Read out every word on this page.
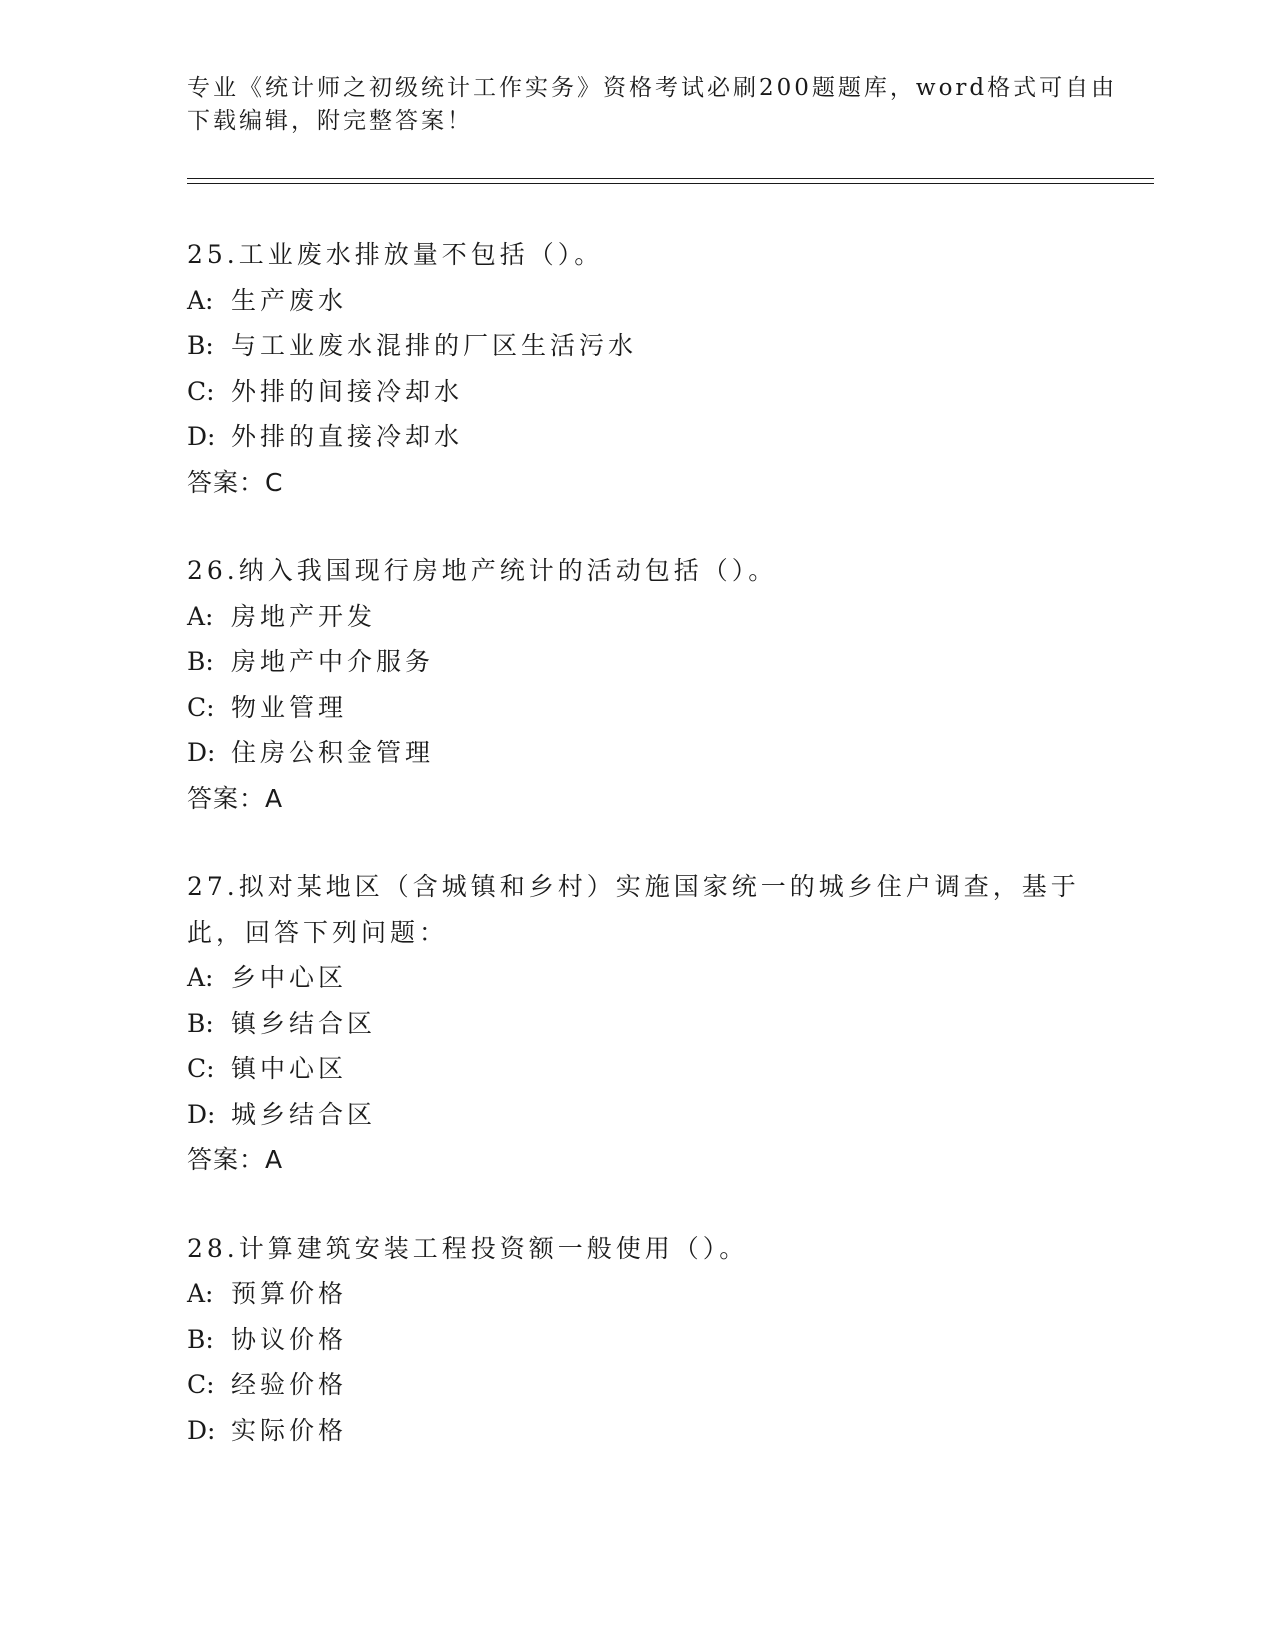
专业《统计师之初级统计工作实务》资格考试必刷200题题库，word格式可自由
下载编辑，附完整答案！
25.工业废水排放量不包括（）。
A: 生产废水
B: 与工业废水混排的厂区生活污水
C: 外排的间接冷却水
D: 外排的直接冷却水
答案：C
26.纳入我国现行房地产统计的活动包括（）。
A: 房地产开发
B: 房地产中介服务
C: 物业管理
D: 住房公积金管理
答案：A
27.拟对某地区（含城镇和乡村）实施国家统一的城乡住户调查，基于
此，回答下列问题：
A: 乡中心区
B: 镇乡结合区
C: 镇中心区
D: 城乡结合区
答案：A
28.计算建筑安装工程投资额一般使用（）。
A: 预算价格
B: 协议价格
C: 经验价格
D: 实际价格
